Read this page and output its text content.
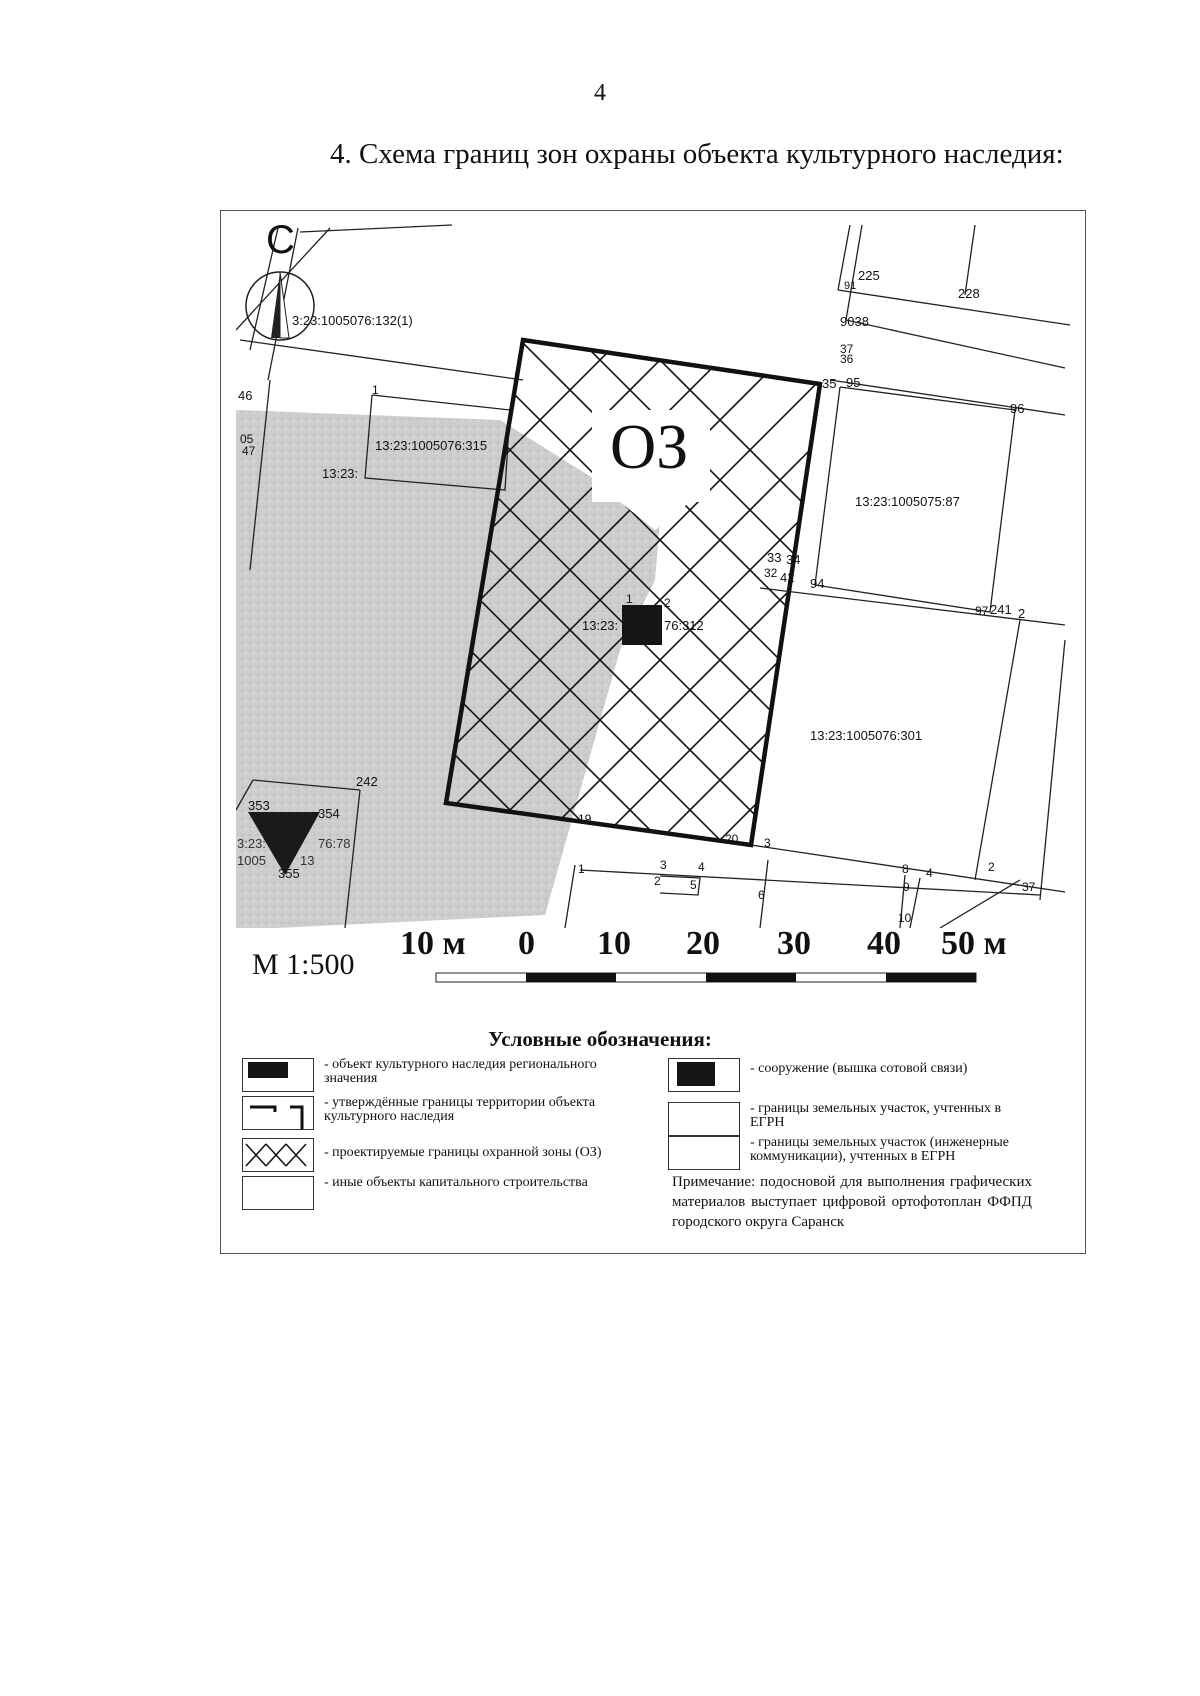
4
4. Схема границ зон охраны объекта культурного наследия:
С
ОЗ
3:23:1005076:132(1)
13:23:1005076:315
13:23:
13:23:1005075:87
13:23:	76:312
13:23:1005076:301
3:23:	76:78
1005	13
225
228
91
9038
37
36
35 95
96
46	1
05
47
33 34
32 42 94
97 241 2
1	2
242
353
354
355
19
20 3
1	3	4
5
6
2
8 4
9
10
37
2
М 1:500
10 м 0 10 20 30 40 50 м
Условные обозначения:
- объект культурного наследия регионального значения
- утверждённые границы территории объекта культурного наследия
- проектируемые границы охранной зоны (ОЗ)
- иные объекты капитального строительства
- сооружение (вышка сотовой связи)
- границы земельных участок, учтенных в ЕГРН
- границы земельных участок (инженерные коммуникации), учтенных в ЕГРН
Примечание: подосновой для выполнения графических материалов выступает цифровой ортофотоплан ФФПД городского округа Саранск
